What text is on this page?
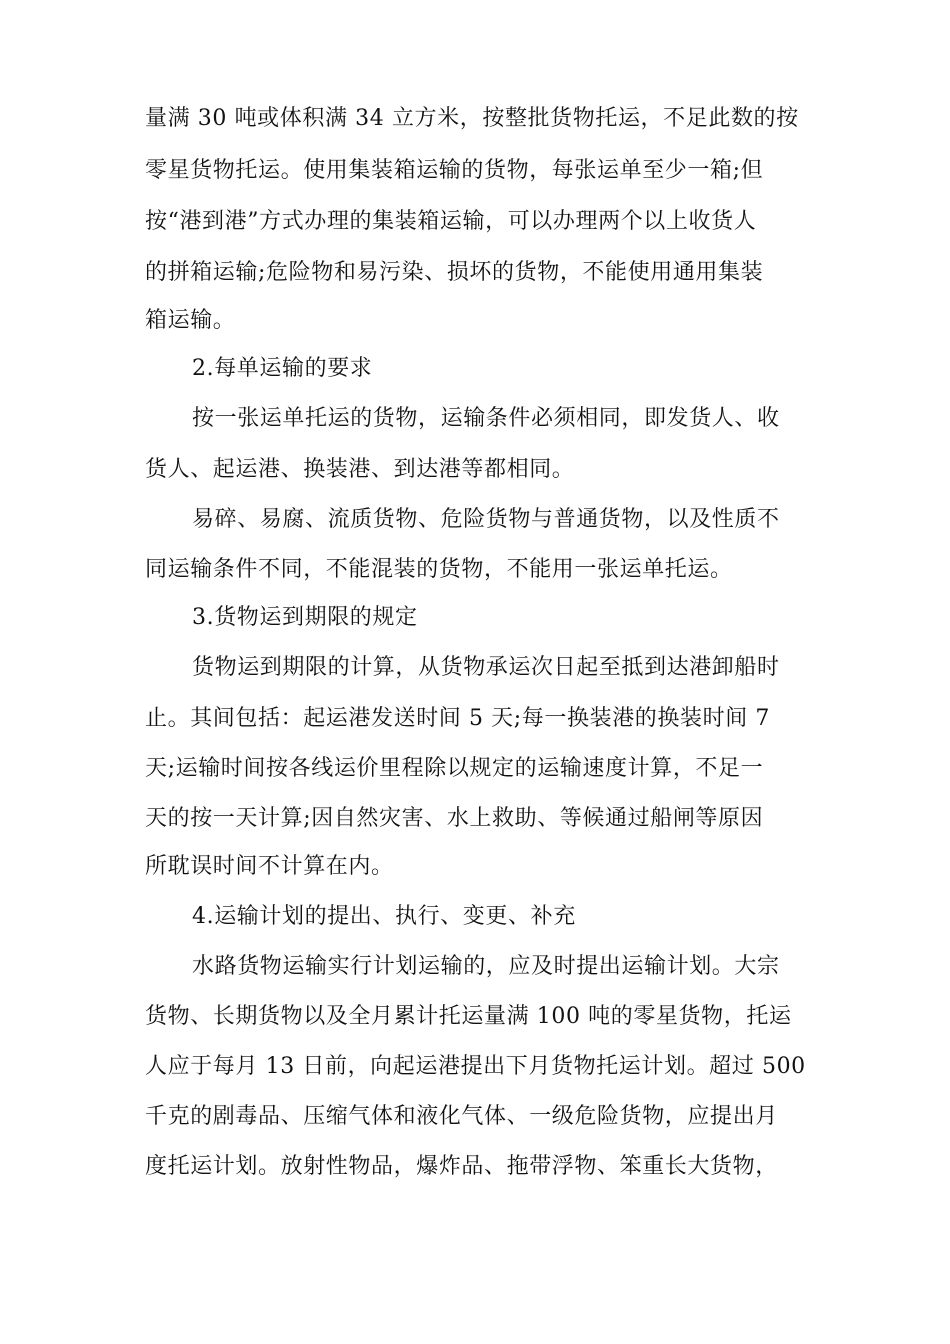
量满 30 吨或体积满 34 立方米，按整批货物托运，不足此数的按
零星货物托运。使用集装箱运输的货物，每张运单至少一箱;但
按“港到港”方式办理的集装箱运输，可以办理两个以上收货人
的拼箱运输;危险物和易污染、损坏的货物，不能使用通用集装
箱运输。
2.每单运输的要求
按一张运单托运的货物，运输条件必须相同，即发货人、收
货人、起运港、换装港、到达港等都相同。
易碎、易腐、流质货物、危险货物与普通货物，以及性质不
同运输条件不同，不能混装的货物，不能用一张运单托运。
3.货物运到期限的规定
货物运到期限的计算，从货物承运次日起至抵到达港卸船时
止。其间包括：起运港发送时间 5 天;每一换装港的换装时间 7
天;运输时间按各线运价里程除以规定的运输速度计算，不足一
天的按一天计算;因自然灾害、水上救助、等候通过船闸等原因
所耽误时间不计算在内。
4.运输计划的提出、执行、变更、补充
水路货物运输实行计划运输的，应及时提出运输计划。大宗
货物、长期货物以及全月累计托运量满 100 吨的零星货物，托运
人应于每月 13 日前，向起运港提出下月货物托运计划。超过 500
千克的剧毒品、压缩气体和液化气体、一级危险货物，应提出月
度托运计划。放射性物品，爆炸品、拖带浮物、笨重长大货物，
